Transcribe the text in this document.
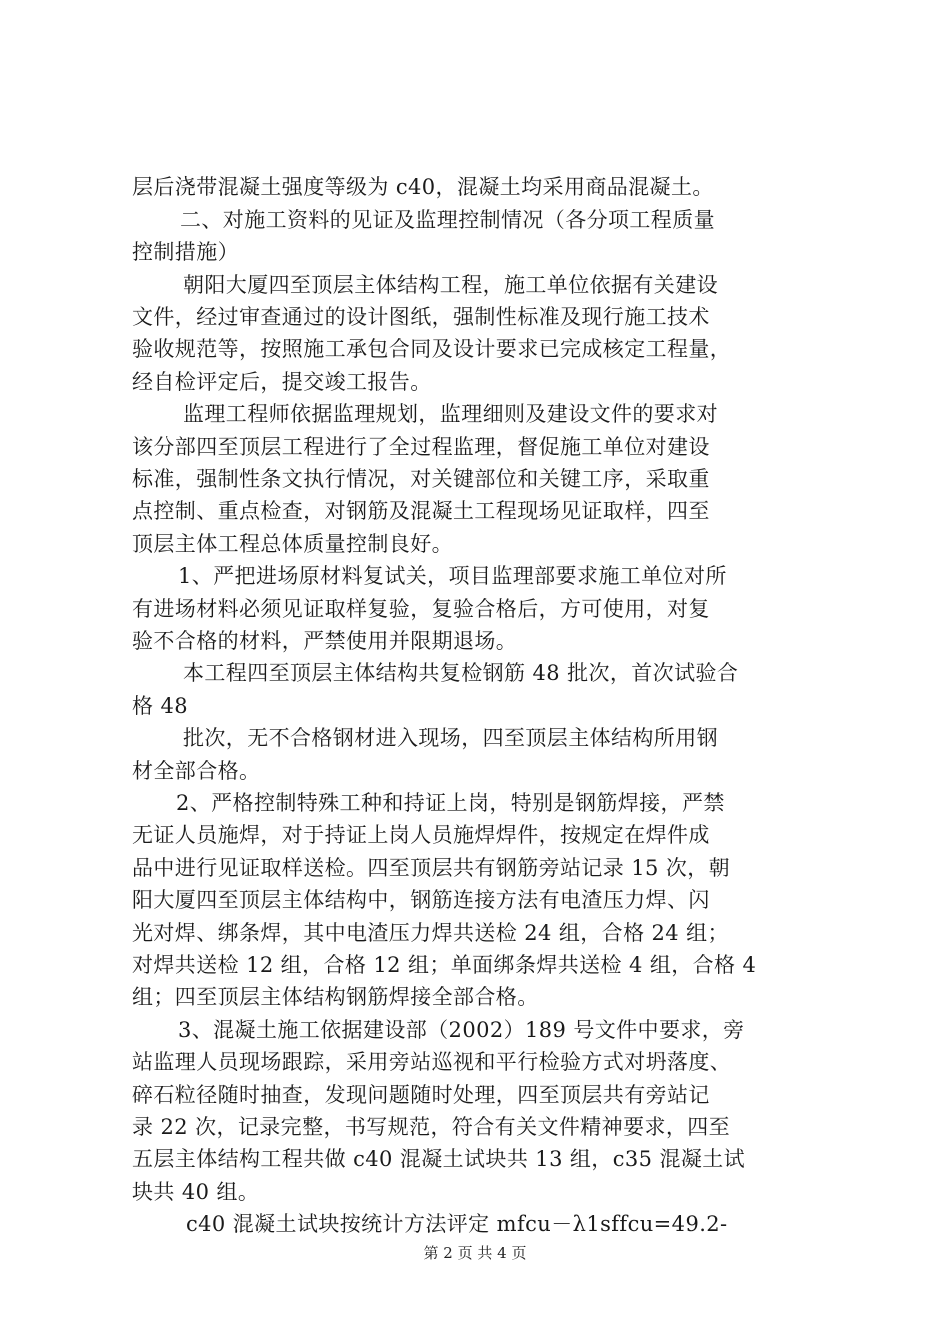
层后浇带混凝土强度等级为 c40，混凝土均采用商品混凝土。
二、对施工资料的见证及监理控制情况（各分项工程质量
控制措施）
朝阳大厦四至顶层主体结构工程，施工单位依据有关建设
文件，经过审查通过的设计图纸，强制性标准及现行施工技术
验收规范等，按照施工承包合同及设计要求已完成核定工程量，
经自检评定后，提交竣工报告。
监理工程师依据监理规划，监理细则及建设文件的要求对
该分部四至顶层工程进行了全过程监理，督促施工单位对建设
标准，强制性条文执行情况，对关键部位和关键工序，采取重
点控制、重点检查，对钢筋及混凝土工程现场见证取样，四至
顶层主体工程总体质量控制良好。
1、严把进场原材料复试关，项目监理部要求施工单位对所
有进场材料必须见证取样复验，复验合格后，方可使用，对复
验不合格的材料，严禁使用并限期退场。
本工程四至顶层主体结构共复检钢筋 48 批次，首次试验合
格 48
批次，无不合格钢材进入现场，四至顶层主体结构所用钢
材全部合格。
2、严格控制特殊工种和持证上岗，特别是钢筋焊接，严禁
无证人员施焊，对于持证上岗人员施焊焊件，按规定在焊件成
品中进行见证取样送检。四至顶层共有钢筋旁站记录 15 次，朝
阳大厦四至顶层主体结构中，钢筋连接方法有电渣压力焊、闪
光对焊、绑条焊，其中电渣压力焊共送检 24 组，合格 24 组；
对焊共送检 12 组，合格 12 组；单面绑条焊共送检 4 组，合格 4
组；四至顶层主体结构钢筋焊接全部合格。
3、混凝土施工依据建设部（2002）189 号文件中要求，旁
站监理人员现场跟踪，采用旁站巡视和平行检验方式对坍落度、
碎石粒径随时抽查，发现问题随时处理，四至顶层共有旁站记
录 22 次，记录完整，书写规范，符合有关文件精神要求，四至
五层主体结构工程共做 c40 混凝土试块共 13 组，c35 混凝土试
块共 40 组。
c40 混凝土试块按统计方法评定 mfcu－λ1sffcu=49.2-
第 2 页 共 4 页
